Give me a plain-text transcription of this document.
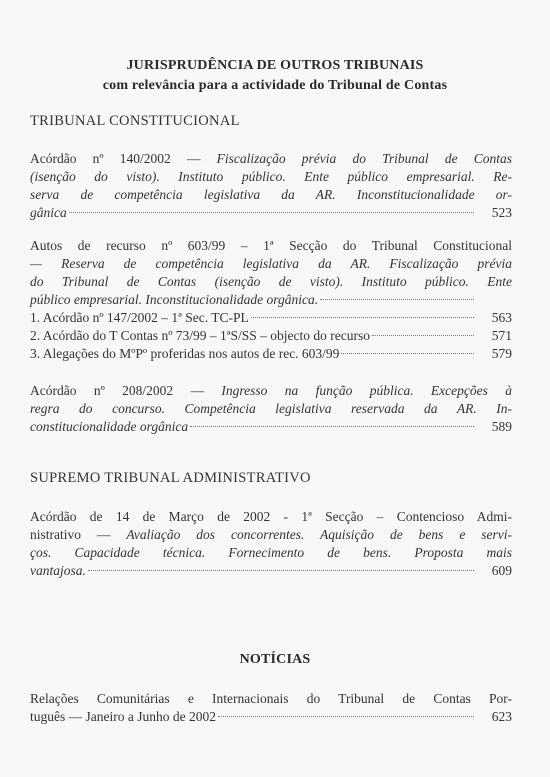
JURISPRUDÊNCIA DE OUTROS TRIBUNAIS
com relevância para a actividade do Tribunal de Contas
TRIBUNAL CONSTITUCIONAL
Acórdão nº 140/2002 — Fiscalização prévia do Tribunal de Contas
(isenção do visto). Instituto público. Ente público empresarial. Re-
serva de competência legislativa da AR. Inconstitucionalidade or-
gânica	523
Autos de recurso nº 603/99 – 1ª Secção do Tribunal Constitucional
— Reserva de competência legislativa da AR. Fiscalização prévia
do Tribunal de Contas (isenção de visto). Instituto público. Ente
público empresarial. Inconstitucionalidade orgânica.
1. Acórdão nº 147/2002 – 1ª Sec. TC-PL	563
2. Acórdão do T Contas nº 73/99 – 1ªS/SS – objecto do recurso	571
3. Alegações do MºPº proferidas nos autos de rec. 603/99	579
Acórdão nº 208/2002 — Ingresso na função pública. Excepções à
regra do concurso. Competência legislativa reservada da AR. In-
constitucionalidade orgânica	589
SUPREMO TRIBUNAL ADMINISTRATIVO
Acórdão de 14 de Março de 2002 - 1ª Secção – Contencioso Admi-
nistrativo — Avaliação dos concorrentes. Aquisição de bens e servi-
ços. Capacidade técnica. Fornecimento de bens. Proposta mais
vantajosa.	609
NOTÍCIAS
Relações Comunitárias e Internacionais do Tribunal de Contas Por-
tuguês — Janeiro a Junho de 2002	623
